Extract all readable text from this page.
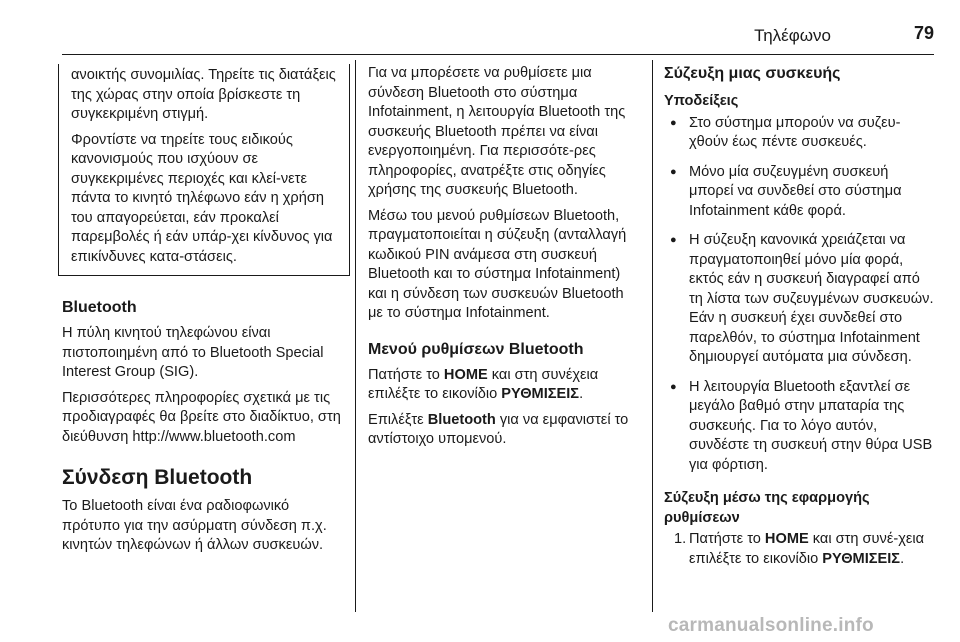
Τηλέφωνο	79

ανοικτής συνομιλίας. Τηρείτε τις διατάξεις της χώρας στην οποία βρίσκεστε τη συγκεκριμένη στιγμή.

Φροντίστε να τηρείτε τους ειδικούς κανονισμούς που ισχύουν σε συγκεκριμένες περιοχές και κλεί-νετε πάντα το κινητό τηλέφωνο εάν η χρήση του απαγορεύεται, εάν προκαλεί παρεμβολές ή εάν υπάρ-χει κίνδυνος για επικίνδυνες κατα-στάσεις.

Bluetooth

Η πύλη κινητού τηλεφώνου είναι πιστοποιημένη από το Bluetooth Special Interest Group (SIG).

Περισσότερες πληροφορίες σχετικά με τις προδιαγραφές θα βρείτε στο διαδίκτυο, στη διεύθυνση http://www.bluetooth.com

Σύνδεση Bluetooth

Το Bluetooth είναι ένα ραδιοφωνικό πρότυπο για την ασύρματη σύνδεση π.χ. κινητών τηλεφώνων ή άλλων συσκευών.

Για να μπορέσετε να ρυθμίσετε μια σύνδεση Bluetooth στο σύστημα Infotainment, η λειτουργία Bluetooth της συσκευής Bluetooth πρέπει να είναι ενεργοποιημένη. Για περισσότε-ρες πληροφορίες, ανατρέξτε στις οδηγίες χρήσης της συσκευής Bluetooth.

Μέσω του μενού ρυθμίσεων Bluetooth, πραγματοποιείται η σύζευξη (ανταλλαγή κωδικού PIN ανάμεσα στη συσκευή Bluetooth και το σύστημα Infotainment) και η σύνδεση των συσκευών Bluetooth με το σύστημα Infotainment.

Μενού ρυθμίσεων Bluetooth

Πατήστε το HOME και στη συνέχεια επιλέξτε το εικονίδιο ΡΥΘΜΙΣΕΙΣ.

Επιλέξτε Bluetooth για να εμφανιστεί το αντίστοιχο υπομενού.

Σύζευξη μιας συσκευής
Υποδείξεις
● Στο σύστημα μπορούν να συζευ-χθούν έως πέντε συσκευές.
● Μόνο μία συζευγμένη συσκευή μπορεί να συνδεθεί στο σύστημα Infotainment κάθε φορά.
● Η σύζευξη κανονικά χρειάζεται να πραγματοποιηθεί μόνο μία φορά, εκτός εάν η συσκευή διαγραφεί από τη λίστα των συζευγμένων συσκευών. Εάν η συσκευή έχει συνδεθεί στο παρελθόν, το σύστημα Infotainment δημιουργεί αυτόματα μια σύνδεση.
● Η λειτουργία Bluetooth εξαντλεί σε μεγάλο βαθμό στην μπαταρία της συσκευής. Για το λόγο αυτόν, συνδέστε τη συσκευή στην θύρα USB για φόρτιση.
Σύζευξη μέσω της εφαρμογής ρυθμίσεων
1. Πατήστε το HOME και στη συνέ-χεια επιλέξτε το εικονίδιο ΡΥΘΜΙΣΕΙΣ.
carmanualsonline.info
